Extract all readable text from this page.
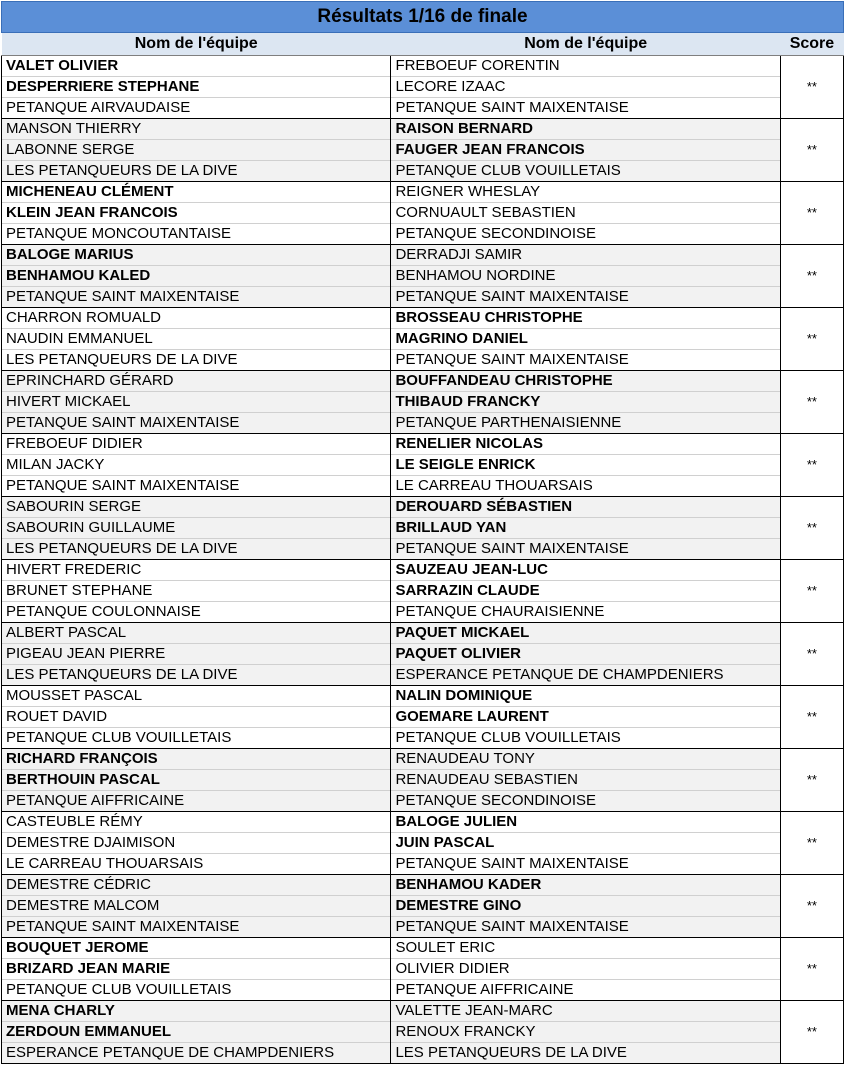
Résultats 1/16 de finale		
Nom de l'équipe	Nom de l'équipe	Score
VALET OLIVIER	FREBOEUF CORENTIN	**
DESPERRIERE STEPHANE	LECORE IZAAC	
PETANQUE AIRVAUDAISE	PETANQUE SAINT MAIXENTAISE	
MANSON THIERRY	RAISON BERNARD	**
LABONNE SERGE	FAUGER JEAN FRANCOIS	
LES PETANQUEURS DE LA DIVE	PETANQUE CLUB VOUILLETAIS	
MICHENEAU CLÉMENT	REIGNER WHESLAY	**
KLEIN JEAN FRANCOIS	CORNUAULT SEBASTIEN	
PETANQUE MONCOUTANTAISE	PETANQUE SECONDINOISE	
BALOGE MARIUS	DERRADJI SAMIR	**
BENHAMOU KALED	BENHAMOU NORDINE	
PETANQUE SAINT MAIXENTAISE	PETANQUE SAINT MAIXENTAISE	
CHARRON ROMUALD	BROSSEAU CHRISTOPHE	**
NAUDIN EMMANUEL	MAGRINO DANIEL	
LES PETANQUEURS DE LA DIVE	PETANQUE SAINT MAIXENTAISE	
EPRINCHARD GÉRARD	BOUFFANDEAU CHRISTOPHE	**
HIVERT MICKAEL	THIBAUD FRANCKY	
PETANQUE SAINT MAIXENTAISE	PETANQUE PARTHENAISIENNE	
FREBOEUF DIDIER	RENELIER NICOLAS	**
MILAN JACKY	LE SEIGLE ENRICK	
PETANQUE SAINT MAIXENTAISE	LE CARREAU THOUARSAIS	
SABOURIN SERGE	DEROUARD SÉBASTIEN	**
SABOURIN GUILLAUME	BRILLAUD YAN	
LES PETANQUEURS DE LA DIVE	PETANQUE SAINT MAIXENTAISE	
HIVERT FREDERIC	SAUZEAU JEAN-LUC	**
BRUNET STEPHANE	SARRAZIN CLAUDE	
PETANQUE COULONNAISE	PETANQUE CHAURAISIENNE	
ALBERT PASCAL	PAQUET MICKAEL	**
PIGEAU JEAN PIERRE	PAQUET OLIVIER	
LES PETANQUEURS DE LA DIVE	ESPERANCE PETANQUE DE CHAMPDENIERS	
MOUSSET PASCAL	NALIN DOMINIQUE	**
ROUET DAVID	GOEMARE LAURENT	
PETANQUE CLUB VOUILLETAIS	PETANQUE CLUB VOUILLETAIS	
RICHARD FRANÇOIS	RENAUDEAU TONY	**
BERTHOUIN PASCAL	RENAUDEAU SEBASTIEN	
PETANQUE AIFFRICAINE	PETANQUE SECONDINOISE	
CASTEUBLE RÉMY	BALOGE JULIEN	**
DEMESTRE DJAIMISON	JUIN PASCAL	
LE CARREAU THOUARSAIS	PETANQUE SAINT MAIXENTAISE	
DEMESTRE CÉDRIC	BENHAMOU KADER	**
DEMESTRE MALCOM	DEMESTRE GINO	
PETANQUE SAINT MAIXENTAISE	PETANQUE SAINT MAIXENTAISE	
BOUQUET JEROME	SOULET ERIC	**
BRIZARD JEAN MARIE	OLIVIER DIDIER	
PETANQUE CLUB VOUILLETAIS	PETANQUE AIFFRICAINE	
MENA CHARLY	VALETTE JEAN-MARC	**
ZERDOUN EMMANUEL	RENOUX FRANCKY	
ESPERANCE PETANQUE DE CHAMPDENIERS	LES PETANQUEURS DE LA DIVE	
